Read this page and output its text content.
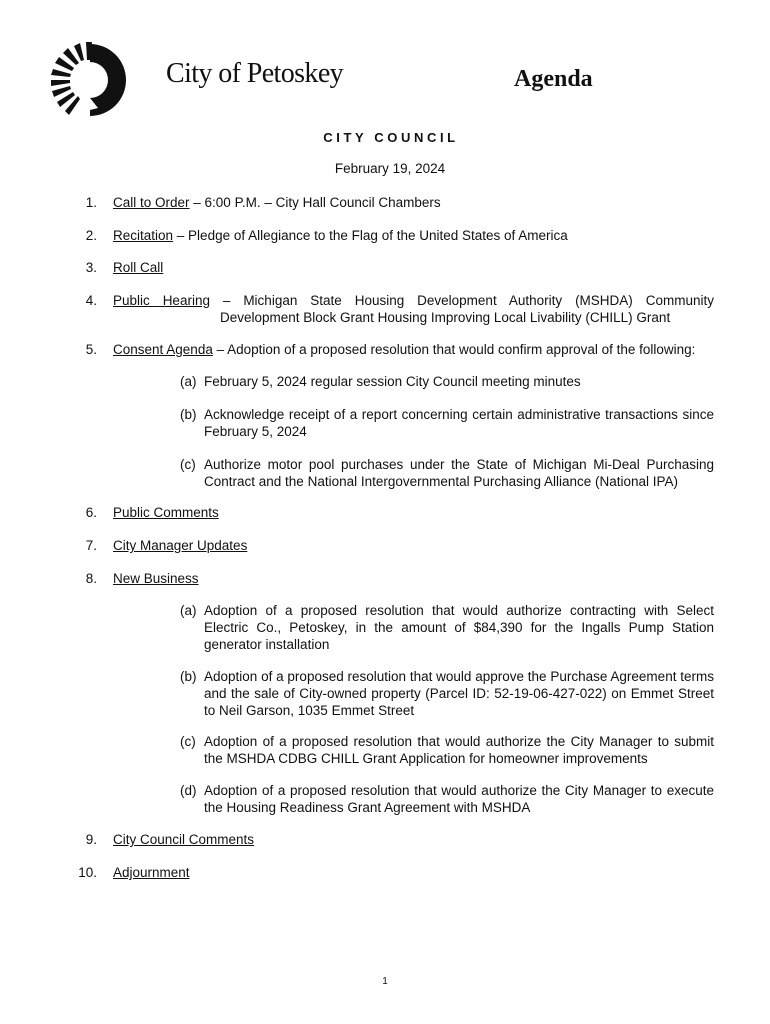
City of Petoskey	Agenda
CITY COUNCIL
February 19, 2024
1. Call to Order – 6:00 P.M. – City Hall Council Chambers
2. Recitation – Pledge of Allegiance to the Flag of the United States of America
3. Roll Call
4. Public Hearing – Michigan State Housing Development Authority (MSHDA) Community
Development Block Grant Housing Improving Local Livability (CHILL) Grant
5. Consent Agenda – Adoption of a proposed resolution that would confirm approval of the following:
(a) February 5, 2024 regular session City Council meeting minutes
(b) Acknowledge receipt of a report concerning certain administrative transactions since February 5, 2024
(c) Authorize motor pool purchases under the State of Michigan Mi-Deal Purchasing Contract and the National Intergovernmental Purchasing Alliance (National IPA)
6. Public Comments
7. City Manager Updates
8. New Business
(a) Adoption of a proposed resolution that would authorize contracting with Select Electric Co., Petoskey, in the amount of $84,390 for the Ingalls Pump Station generator installation
(b) Adoption of a proposed resolution that would approve the Purchase Agreement terms and the sale of City-owned property (Parcel ID: 52-19-06-427-022) on Emmet Street to Neil Garson, 1035 Emmet Street
(c) Adoption of a proposed resolution that would authorize the City Manager to submit the MSHDA CDBG CHILL Grant Application for homeowner improvements
(d) Adoption of a proposed resolution that would authorize the City Manager to execute the Housing Readiness Grant Agreement with MSHDA
9. City Council Comments
10. Adjournment
1
